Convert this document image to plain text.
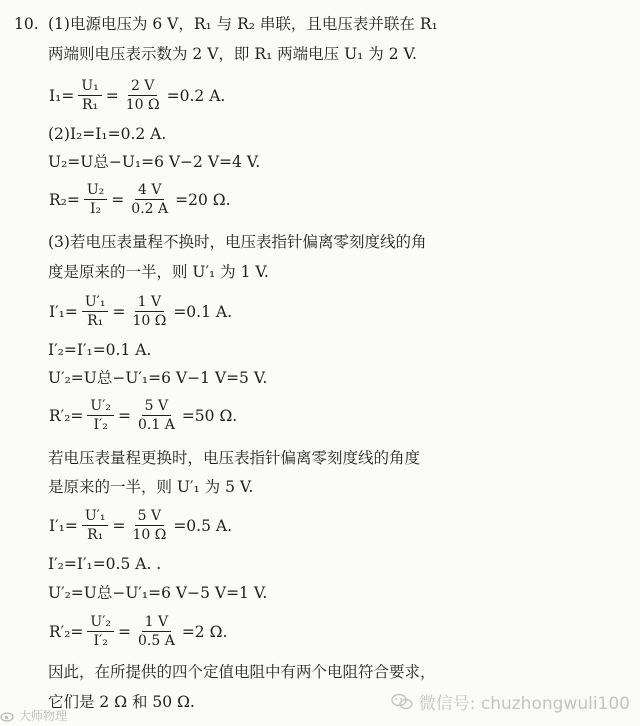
10. (1)电源电压为 6 V，R₁ 与 R₂ 串联，且电压表并联在 R₁
两端则电压表示数为 2 V，即 R₁ 两端电压 U₁ 为 2 V.
$I_1= \frac{\text{U₁}}{\text{R₁}} = \frac{2 V}{10 \Omega} =0.2$ A.
(2)I₂=I₁=0.2 A.
U₂=U总−U₁=6 V−2 V=4 V.
$R_2= \frac{\text{U₂}}{\text{I₂}} = \frac{4 V}{0.2 A} =20$ Ω.
(3)若电压表量程不换时，电压表指针偏离零刻度线的角
度是原来的一半，则 U′₁ 为 1 V.
$I'_1= \frac{\text{U′₁}}{\text{R₁}} = \frac{1 V}{10 \Omega} =0.1$ A.
I′₂=I′₁=0.1 A.
U′₂=U总−U′₁=6 V−1 V=5 V.
$R'_2= \frac{\text{U′₂}}{\text{I′₂}} = \frac{5 V}{0.1 A} =50$ Ω.
若电压表量程更换时，电压表指针偏离零刻度线的角度
是原来的一半，则 U′₁ 为 5 V.
$I'_1= \frac{\text{U′₁}}{\text{R₁}} = \frac{5 V}{10 \Omega} =0.5$ A.
I′₂=I′₁=0.5 A. .
U′₂=U总−U′₁=6 V−5 V=1 V.
$R'_2= \frac{\text{U′₂}}{\text{I′₂}} = \frac{1 V}{0.5 A} =2$ Ω.
因此，在所提供的四个定值电阻中有两个电阻符合要求，
它们是 2 Ω 和 50 Ω.	微信号: chuzhongwuli100
大师物理
